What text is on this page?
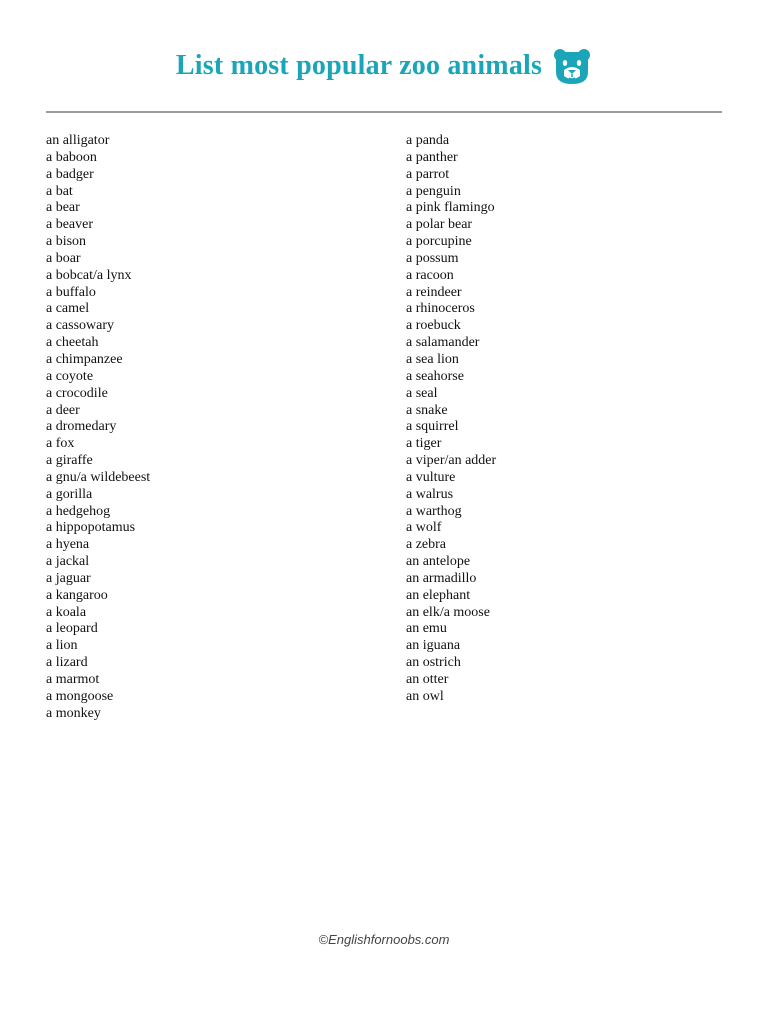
List most popular zoo animals
an alligator
a baboon
a badger
a bat
a bear
a beaver
a bison
a boar
a bobcat/a lynx
a buffalo
a camel
a cassowary
a cheetah
a chimpanzee
a coyote
a crocodile
a deer
a dromedary
a fox
a giraffe
a gnu/a wildebeest
a gorilla
a hedgehog
a hippopotamus
a hyena
a jackal
a jaguar
a kangaroo
a koala
a leopard
a lion
a lizard
a marmot
a mongoose
a monkey
a panda
a panther
a parrot
a penguin
a pink flamingo
a polar bear
a porcupine
a possum
a racoon
a reindeer
a rhinoceros
a roebuck
a salamander
a sea lion
a seahorse
a seal
a snake
a squirrel
a tiger
a viper/an adder
a vulture
a walrus
a warthog
a wolf
a zebra
an antelope
an armadillo
an elephant
an elk/a moose
an emu
an iguana
an ostrich
an otter
an owl
©Englishfornoobs.com
